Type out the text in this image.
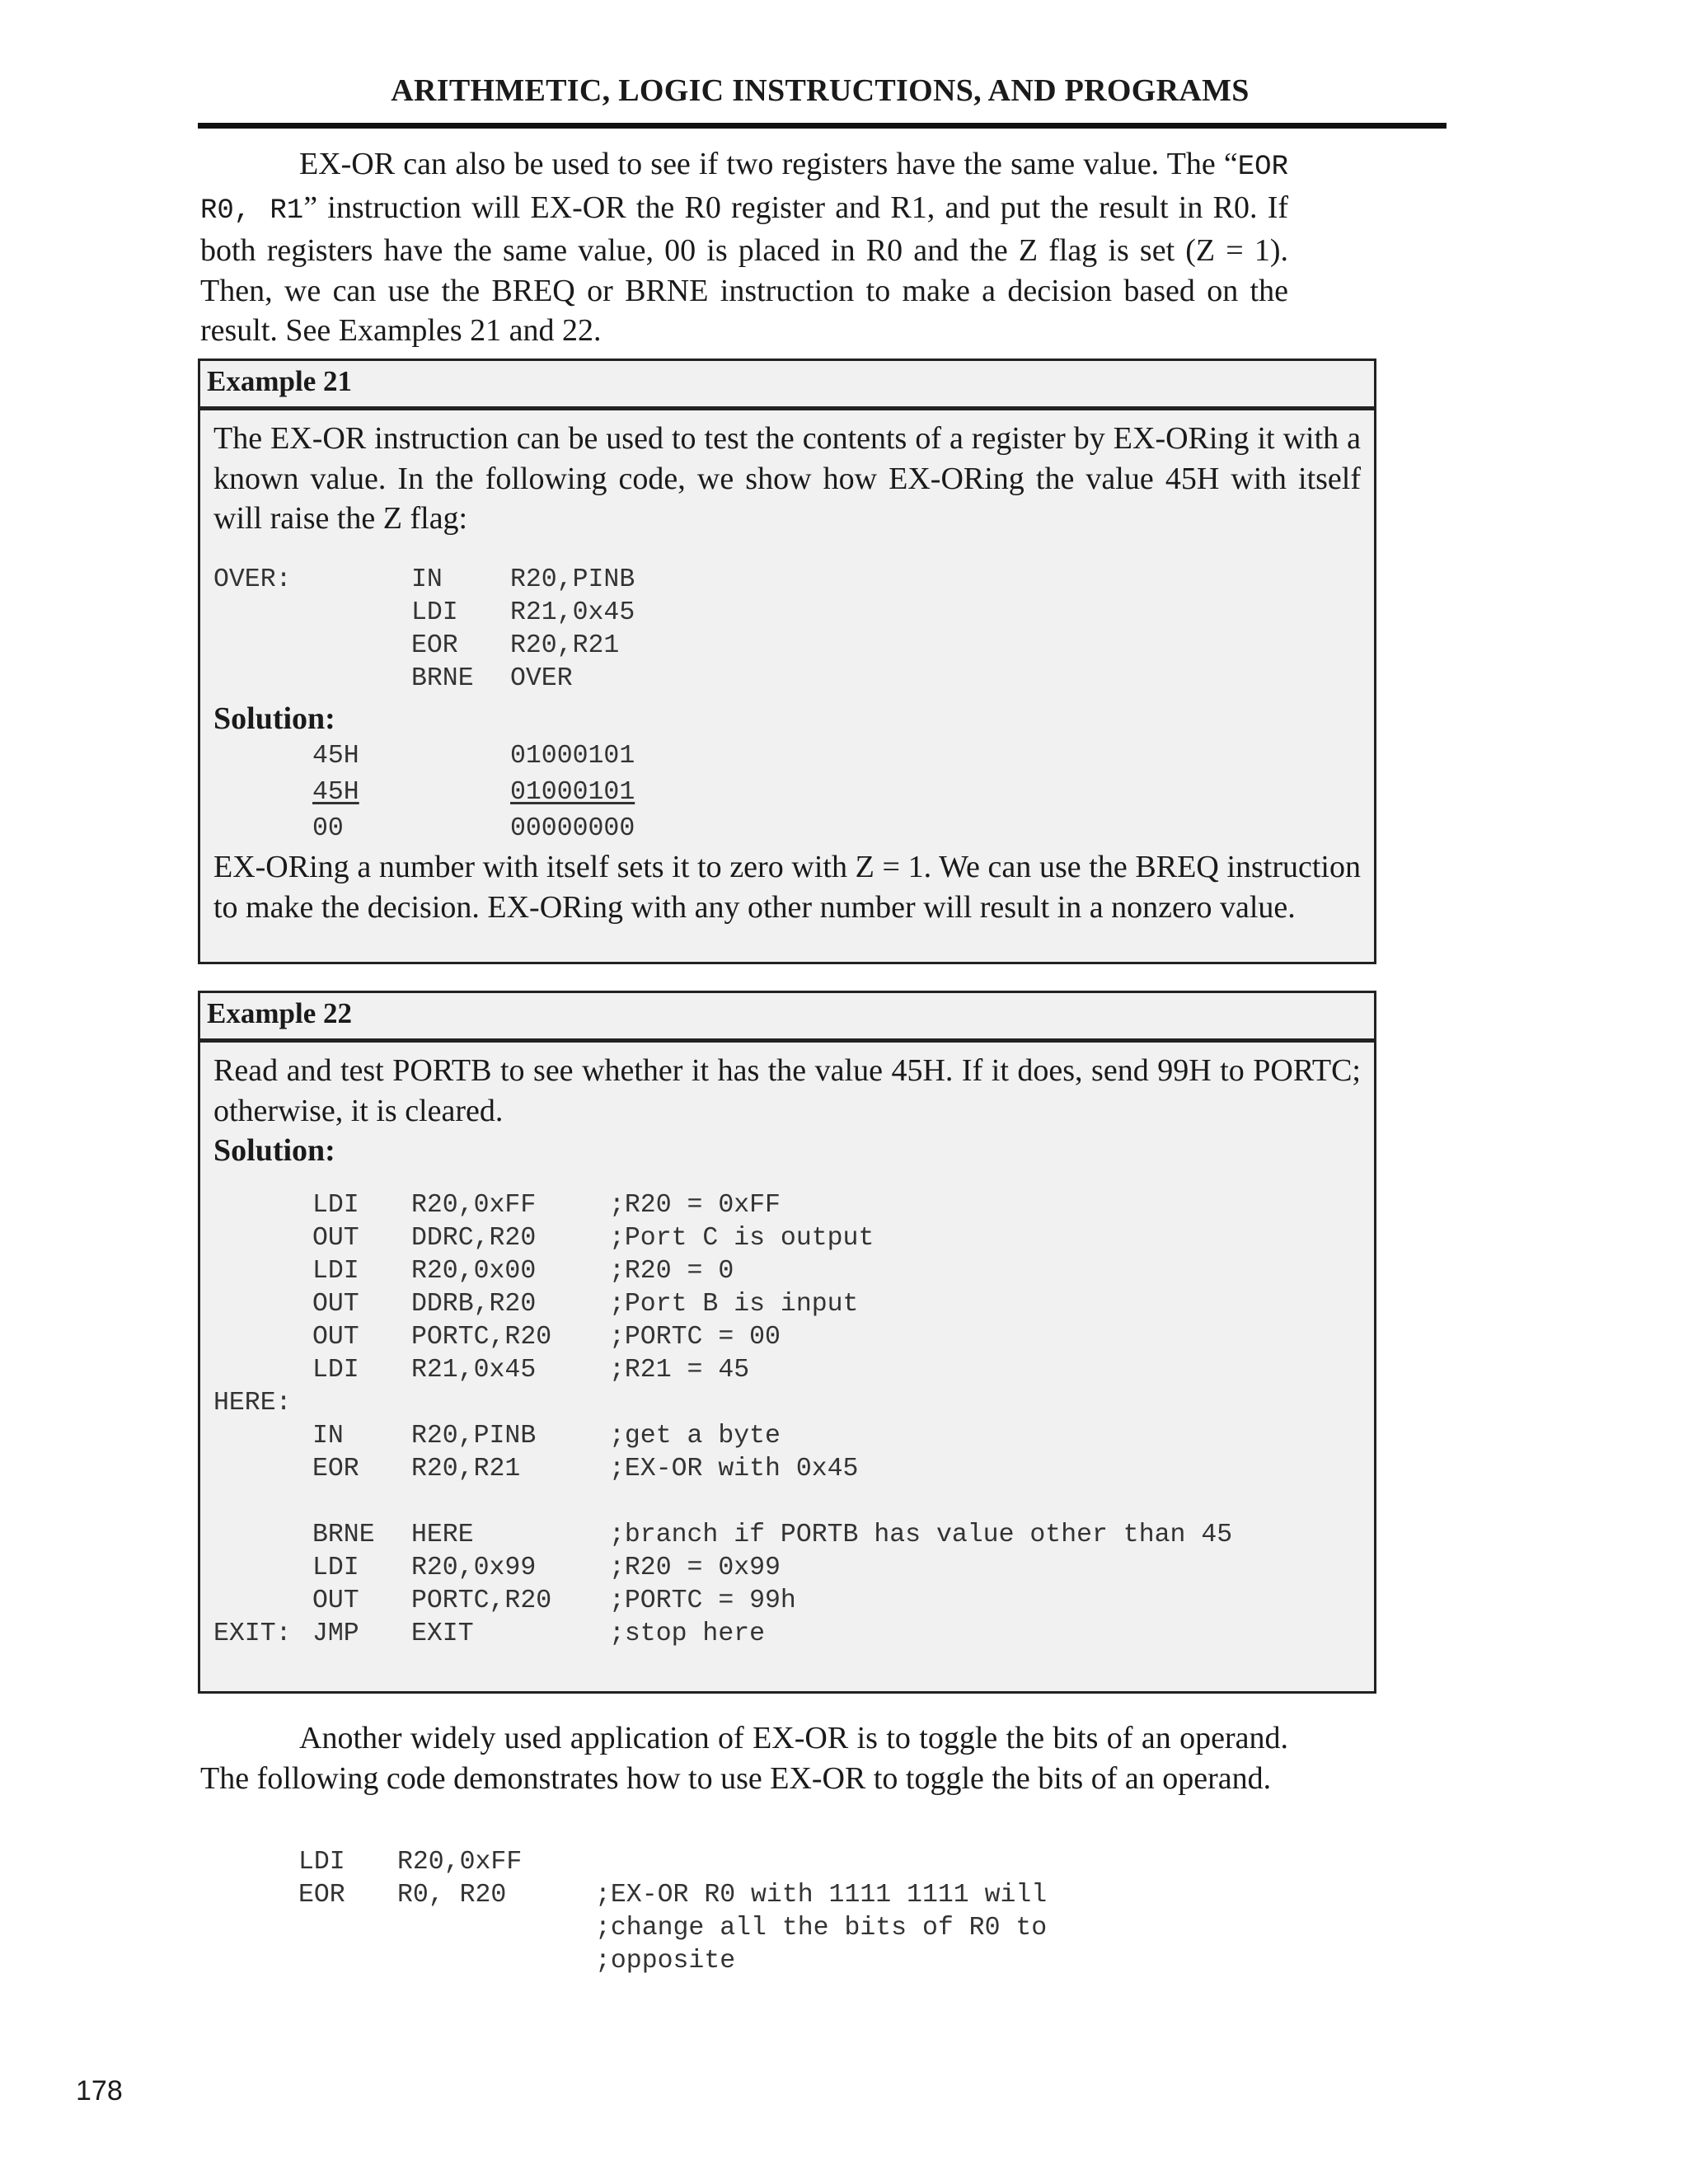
ARITHMETIC, LOGIC INSTRUCTIONS, AND PROGRAMS

EX-OR can also be used to see if two registers have the same value. The “EOR R0, R1” instruction will EX-OR the R0 register and R1, and put the result in R0. If both registers have the same value, 00 is placed in R0 and the Z flag is set (Z = 1). Then, we can use the BREQ or BRNE instruction to make a decision based on the result. See Examples 21 and 22.

Example 21

The EX-OR instruction can be used to test the contents of a register by EX-ORing it with a known value. In the following code, we show how EX-ORing the value 45H with itself will raise the Z flag:

OVER:	IN	R20,PINB
LDI R21,0x45
EOR R20,R21
BRNE OVER
Solution:
45H	01000101
45H	01000101
00	00000000

EX-ORing a number with itself sets it to zero with Z = 1. We can use the BREQ instruction to make the decision. EX-ORing with any other number will result in a nonzero value.

Example 22

Read and test PORTB to see whether it has the value 45H. If it does, send 99H to PORTC; otherwise, it is cleared.

Solution:
LDI R20,0xFF	;R20 = 0xFF
OUT DDRC,R20	;Port C is output
LDI R20,0x00	;R20 = 0
OUT DDRB,R20	;Port B is input
OUT PORTC,R20 ;PORTC = 00
LDI R21,0x45	;R21 = 45
HERE:
IN	R20,PINB	;get a byte
EOR R20,R21	;EX-OR with 0x45

BRNE HERE	;branch if PORTB has value other than 45
LDI R20,0x99	;R20 = 0x99
OUT PORTC,R20 ;PORTC = 99h
EXIT: JMP EXIT	;stop here

Another widely used application of EX-OR is to toggle the bits of an operand. The following code demonstrates how to use EX-OR to toggle the bits of an operand.

LDI R20,0xFF
EOR R0, R20	;EX-OR R0 with 1111 1111 will
;change all the bits of R0 to
;opposite
178
